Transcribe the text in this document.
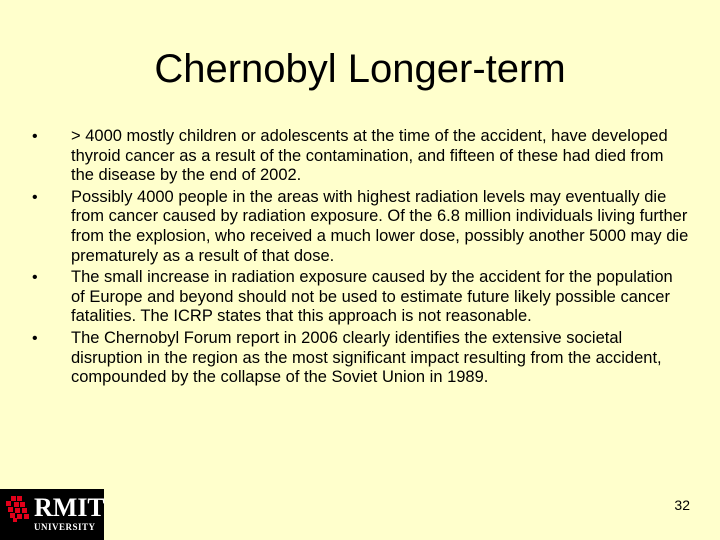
Chernobyl Longer-term
• > 4000 mostly children or adolescents at the time of the accident, have developed thyroid cancer as a result of the contamination, and fifteen of these had died from the disease by the end of 2002.
• Possibly 4000 people in the areas with highest radiation levels may eventually die from cancer caused by radiation exposure. Of the 6.8 million individuals living further from the explosion, who received a much lower dose, possibly another 5000 may die prematurely as a result of that dose.
• The small increase in radiation exposure caused by the accident for the population of Europe and beyond should not be used to estimate future likely possible cancer fatalities. The ICRP states that this approach is not reasonable.
• The Chernobyl Forum report in 2006 clearly identifies the extensive societal disruption in the region as the most significant impact resulting from the accident, compounded by the collapse of the Soviet Union in 1989.
RMIT
UNIVERSITY
32
